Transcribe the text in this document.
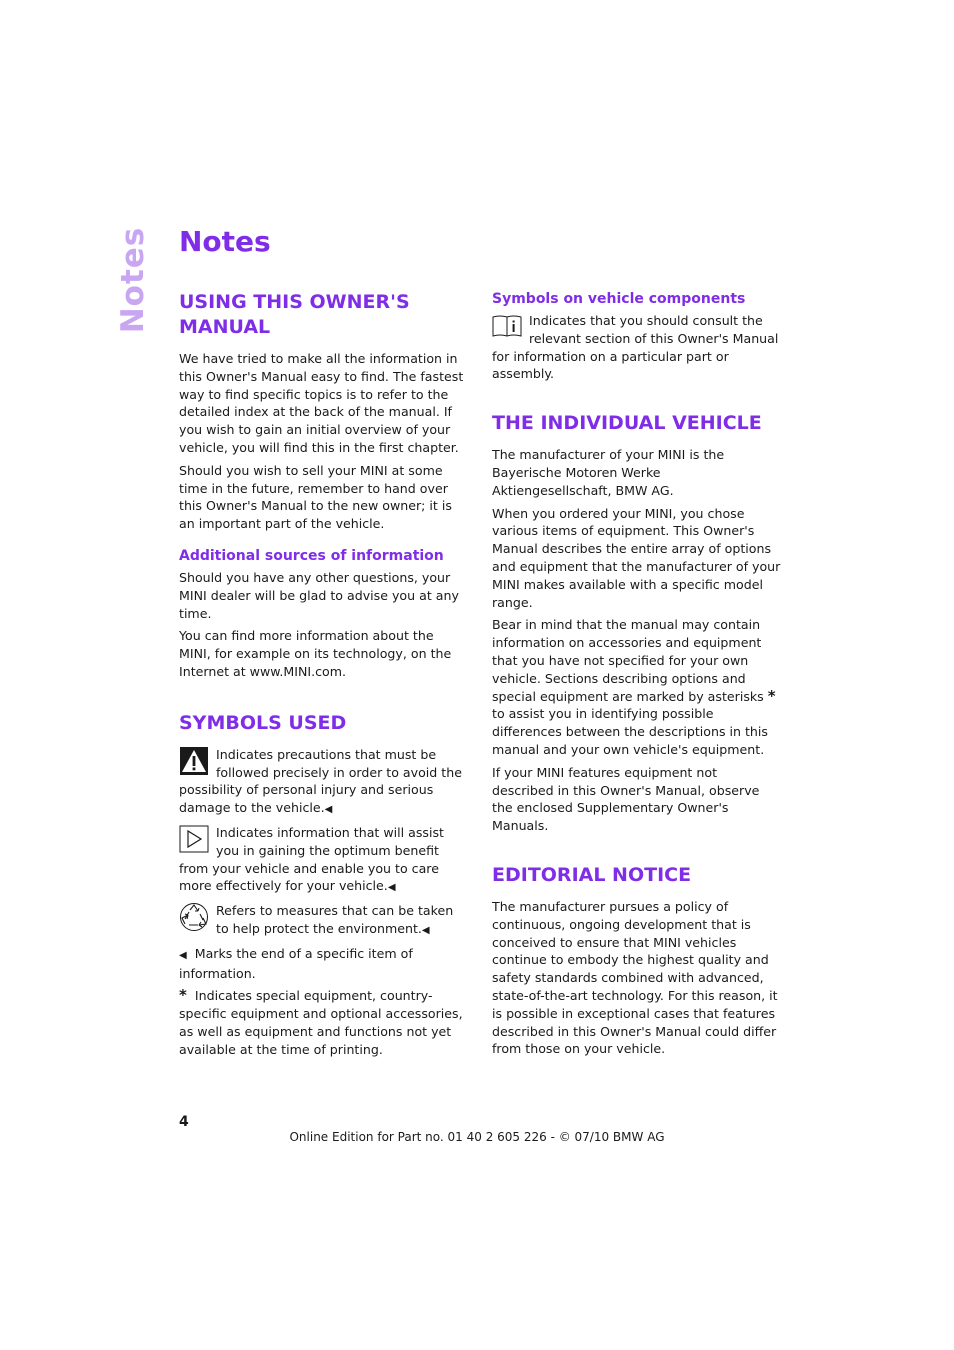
Notes Notes
USING THIS OWNER'S MANUAL

We have tried to make all the information in this Owner's Manual easy to find. The fastest way to find specific topics is to refer to the detailed index at the back of the manual. If you wish to gain an initial overview of your vehicle, you will find this in the first chapter.

Should you wish to sell your MINI at some time in the future, remember to hand over this Owner's Manual to the new owner; it is an important part of the vehicle.

Additional sources of information

Should you have any other questions, your MINI dealer will be glad to advise you at any time.

You can find more information about the MINI, for example on its technology, on the Internet at www.MINI.com.

SYMBOLS USED

Indicates precautions that must be followed precisely in order to avoid the possibility of personal injury and serious damage to the vehicle.◀

Indicates information that will assist you in gaining the optimum benefit from your vehicle and enable you to care more effectively for your vehicle.◀

Refers to measures that can be taken to help protect the environment.◀

◀ Marks the end of a specific item of information.

* Indicates special equipment, country-specific equipment and optional accessories, as well as equipment and functions not yet available at the time of printing.

Symbols on vehicle components

Indicates that you should consult the relevant section of this Owner's Manual for information on a particular part or assembly.

THE INDIVIDUAL VEHICLE

The manufacturer of your MINI is the Bayerische Motoren Werke Aktiengesellschaft, BMW AG.

When you ordered your MINI, you chose various items of equipment. This Owner's Manual describes the entire array of options and equipment that the manufacturer of your MINI makes available with a specific model range.

Bear in mind that the manual may contain information on accessories and equipment that you have not specified for your own vehicle. Sections describing options and special equipment are marked by asterisks * to assist you in identifying possible differences between the descriptions in this manual and your own vehicle's equipment.

If your MINI features equipment not described in this Owner's Manual, observe the enclosed Supplementary Owner's Manuals.

EDITORIAL NOTICE

The manufacturer pursues a policy of continuous, ongoing development that is conceived to ensure that MINI vehicles continue to embody the highest quality and safety standards combined with advanced, state-of-the-art technology. For this reason, it is possible in exceptional cases that features described in this Owner's Manual could differ from those on your vehicle.

4
Online Edition for Part no. 01 40 2 605 226 - © 07/10 BMW AG
